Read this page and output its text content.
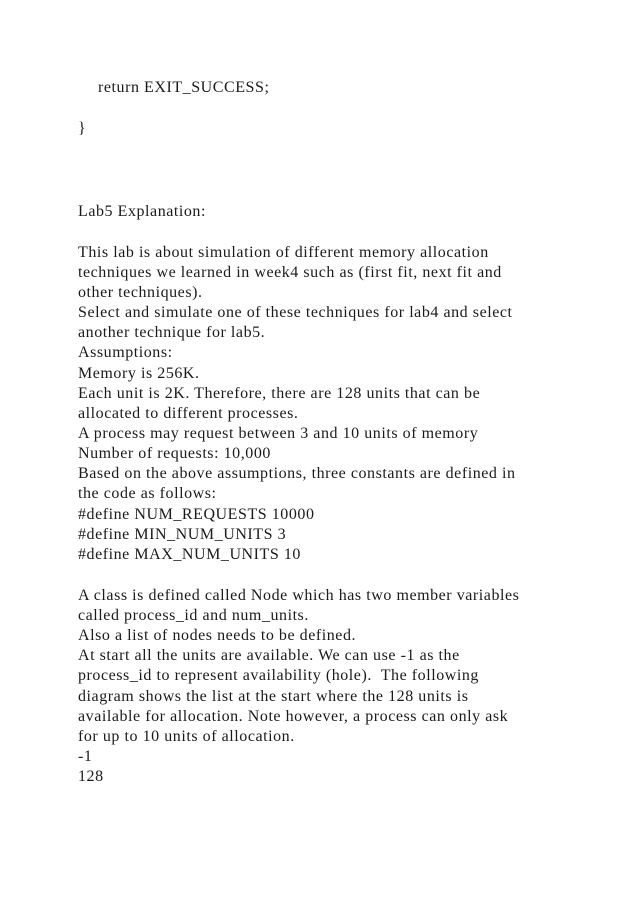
return EXIT_SUCCESS;
}
Lab5 Explanation:
This lab is about simulation of different memory allocation
techniques we learned in week4 such as (first fit, next fit and
other techniques).
Select and simulate one of these techniques for lab4 and select
another technique for lab5.
Assumptions:
Memory is 256K.
Each unit is 2K. Therefore, there are 128 units that can be
allocated to different processes.
A process may request between 3 and 10 units of memory
Number of requests: 10,000
Based on the above assumptions, three constants are defined in
the code as follows:
#define NUM_REQUESTS 10000
#define MIN_NUM_UNITS 3
#define MAX_NUM_UNITS 10
A class is defined called Node which has two member variables
called process_id and num_units.
Also a list of nodes needs to be defined.
At start all the units are available. We can use -1 as the
process_id to represent availability (hole).  The following
diagram shows the list at the start where the 128 units is
available for allocation. Note however, a process can only ask
for up to 10 units of allocation.
-1
128
